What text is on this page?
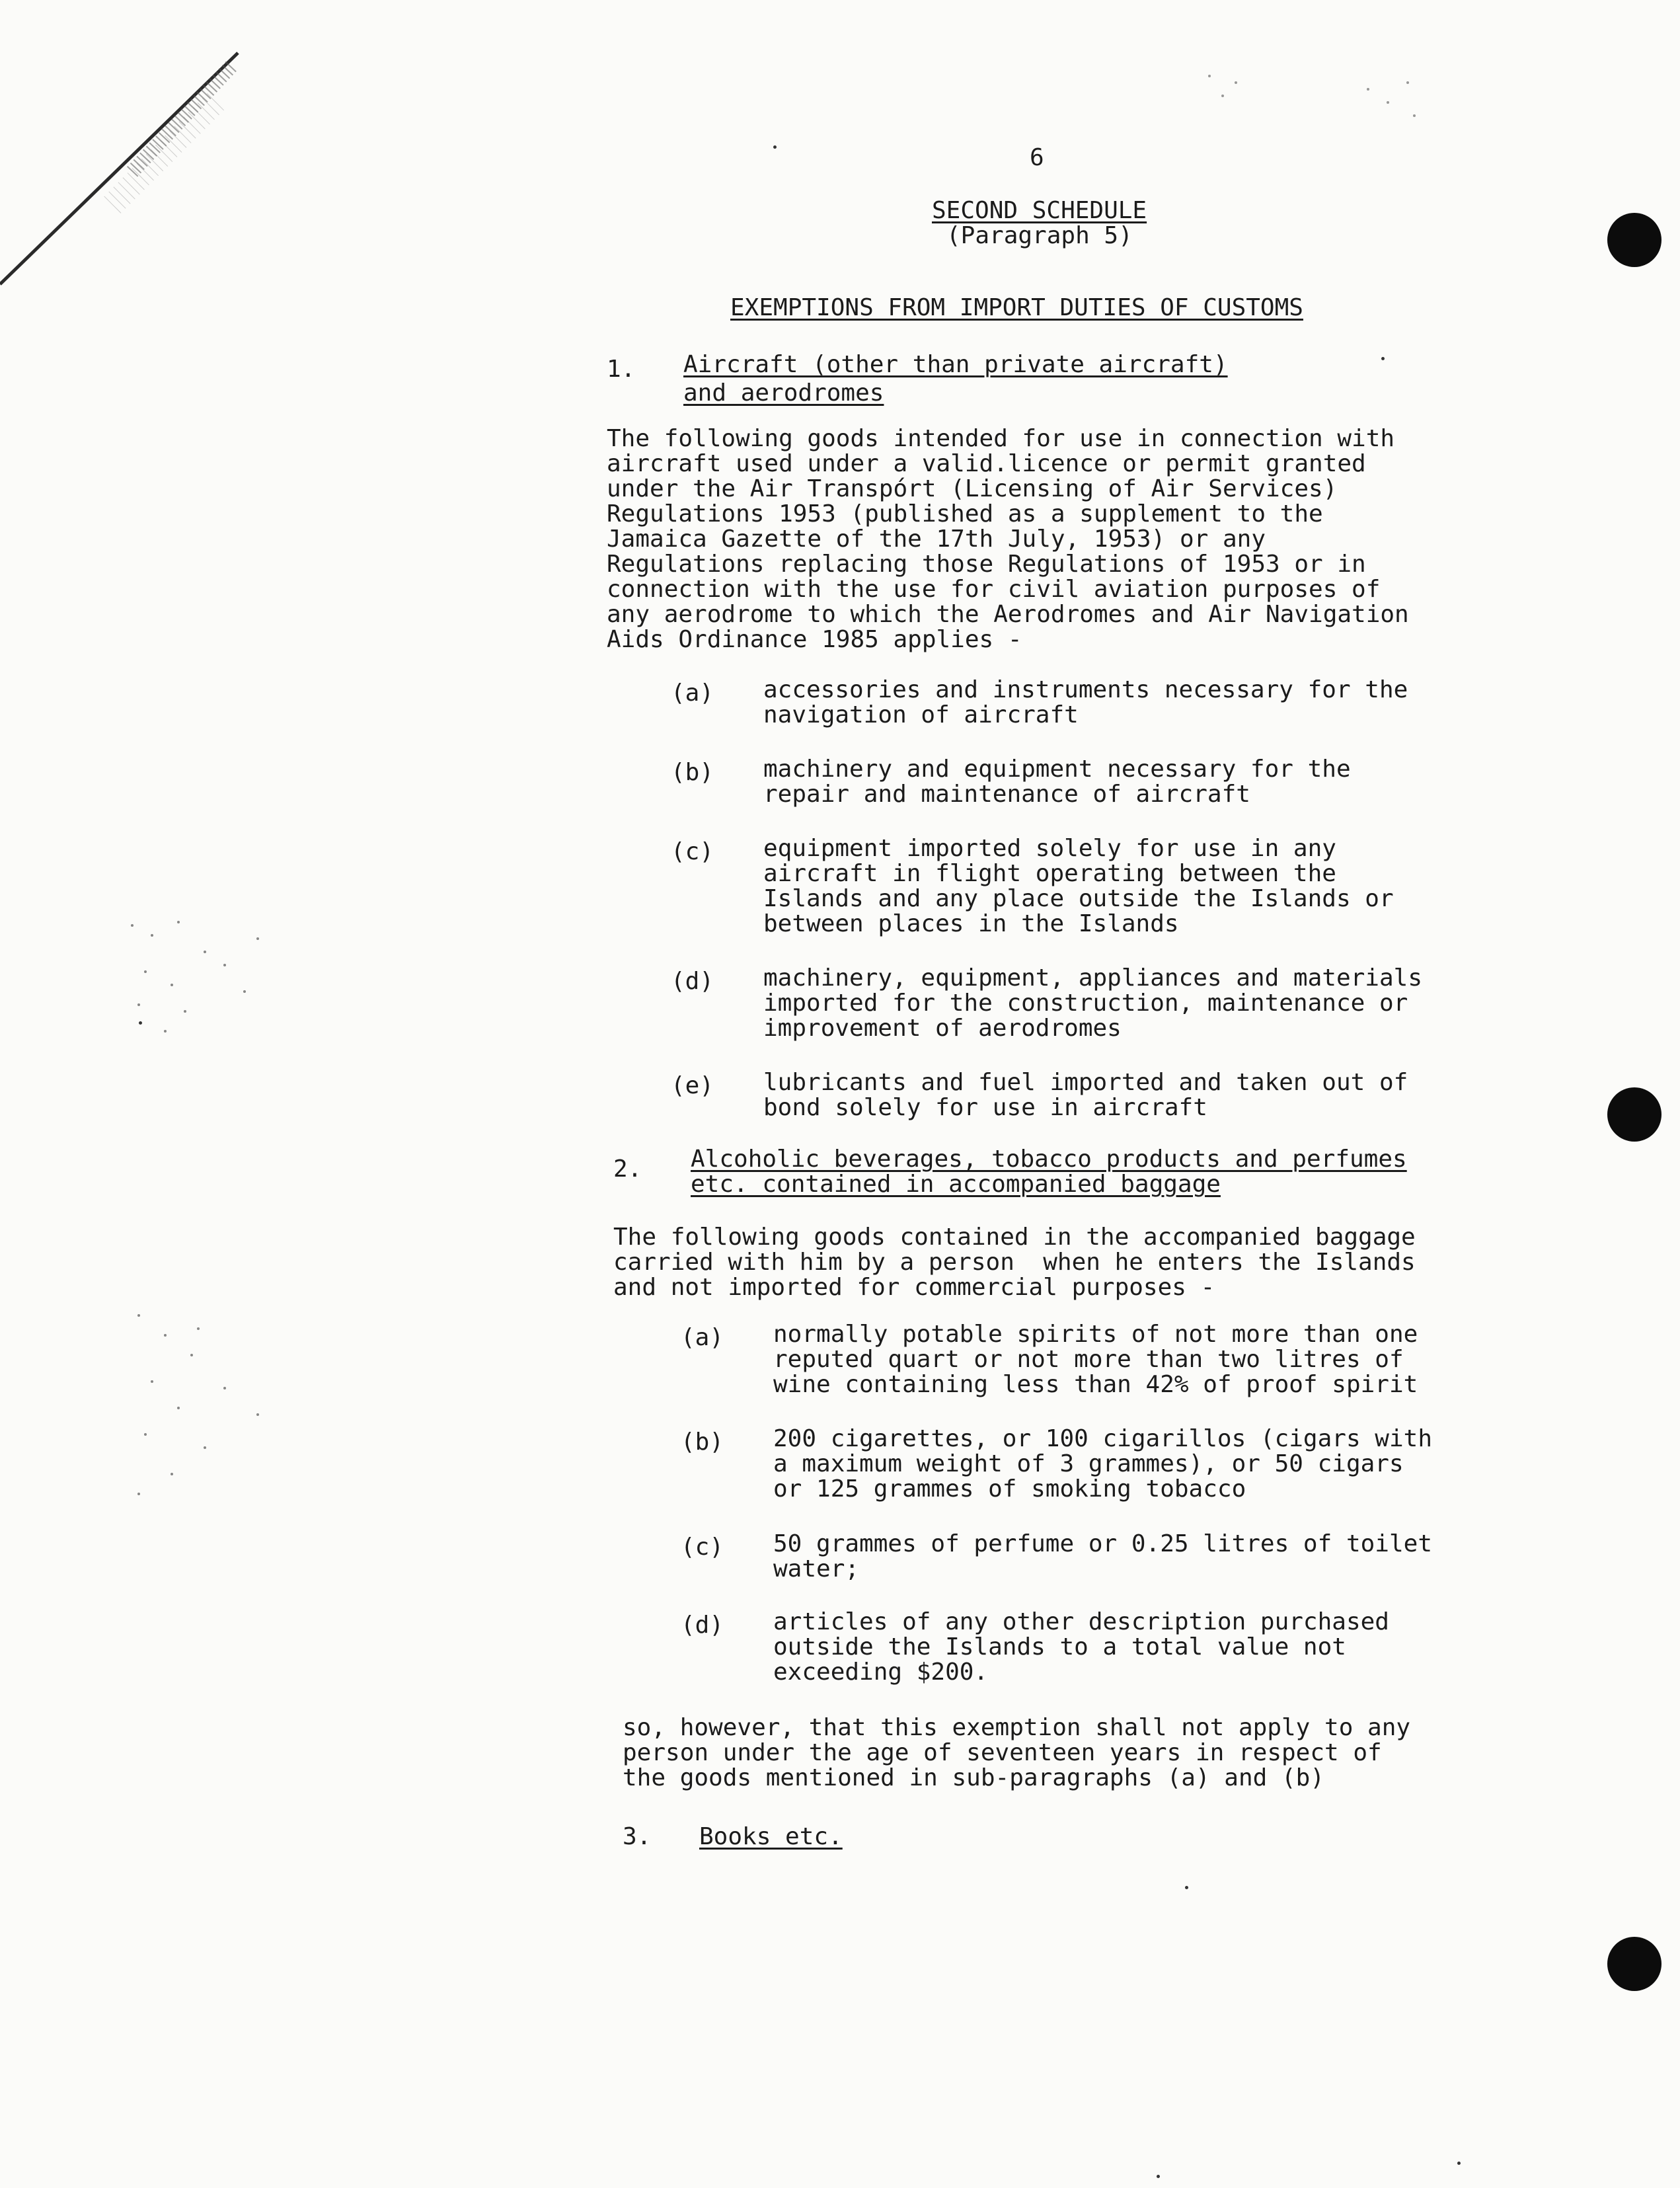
6
SECOND SCHEDULE
(Paragraph 5)
EXEMPTIONS FROM IMPORT DUTIES OF CUSTOMS
1. Aircraft (other than private aircraft)
and aerodromes
The following goods intended for use in connection with
aircraft used under a valid.licence or permit granted
under the Air Transpórt (Licensing of Air Services)
Regulations 1953 (published as a supplement to the
Jamaica Gazette of the 17th July, 1953) or any
Regulations replacing those Regulations of 1953 or in
connection with the use for civil aviation purposes of
any aerodrome to which the Aerodromes and Air Navigation
Aids Ordinance 1985 applies -
(a) accessories and instruments necessary for the
navigation of aircraft
(b) machinery and equipment necessary for the
repair and maintenance of aircraft
(c) equipment imported solely for use in any
aircraft in flight operating between the
Islands and any place outside the Islands or
between places in the Islands
(d) machinery, equipment, appliances and materials
imported for the construction, maintenance or
improvement of aerodromes
(e) lubricants and fuel imported and taken out of
bond solely for use in aircraft
2. Alcoholic beverages, tobacco products and perfumes
etc. contained in accompanied baggage
The following goods contained in the accompanied baggage
carried with him by a person  when he enters the Islands
and not imported for commercial purposes -
(a) normally potable spirits of not more than one
reputed quart or not more than two litres of
wine containing less than 42% of proof spirit
(b) 200 cigarettes, or 100 cigarillos (cigars with
a maximum weight of 3 grammes), or 50 cigars
or 125 grammes of smoking tobacco
(c) 50 grammes of perfume or 0.25 litres of toilet
water;
(d) articles of any other description purchased
outside the Islands to a total value not
exceeding $200.
so, however, that this exemption shall not apply to any
person under the age of seventeen years in respect of
the goods mentioned in sub-paragraphs (a) and (b)
3. Books etc.
